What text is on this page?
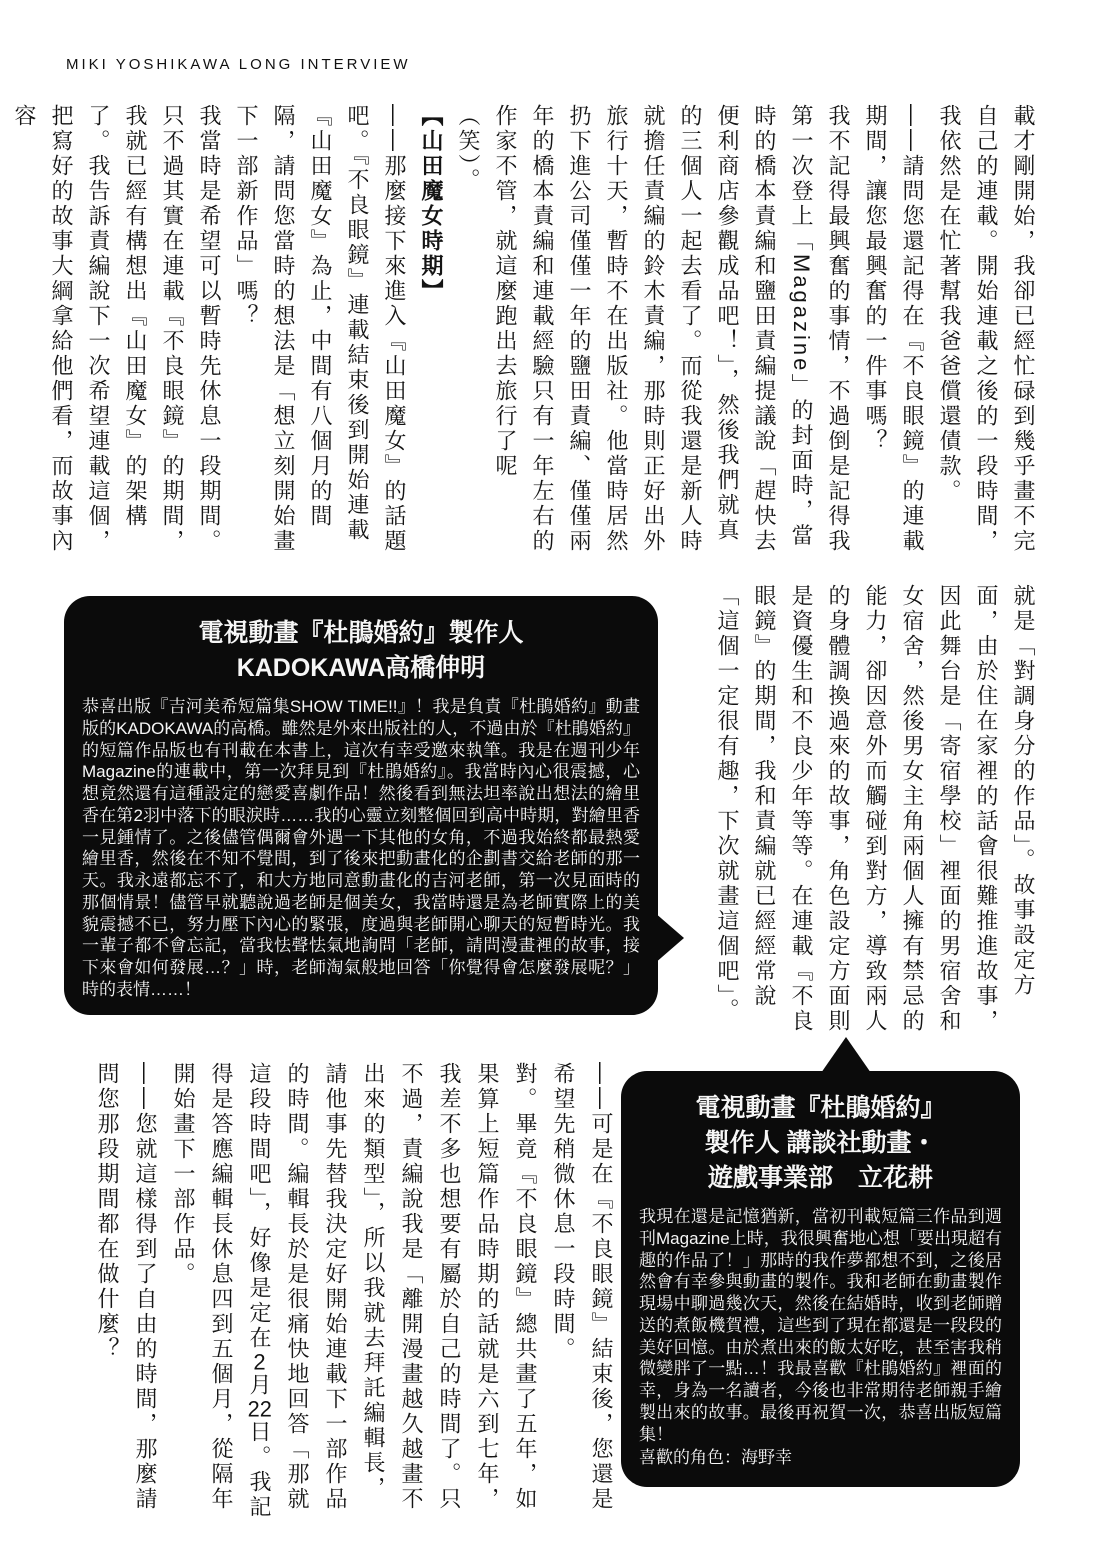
MIKI YOSHIKAWA LONG INTERVIEW

載才剛開始，我卻已經忙碌到幾乎畫不完自己的連載。開始連載之後的一段時間，我依然是在忙著幫我爸爸償還債款。

——請問您還記得在『不良眼鏡』的連載期間，讓您最興奮的一件事嗎？

我不記得最興奮的事情，不過倒是記得我第一次登上「Magazine」的封面時，當時的橋本責編和鹽田責編提議說「趕快去便利商店參觀成品吧！」，然後我們就真的三個人一起去看了。而從我還是新人時就擔任責編的鈴木責編，那時則正好出外旅行十天，暫時不在出版社。他當時居然扔下進公司僅僅一年的鹽田責編、僅僅兩年的橋本責編和連載經驗只有一年左右的作家不管，就這麼跑出去旅行了呢（笑）。

【山田魔女時期】

——那麼接下來進入『山田魔女』的話題吧。『不良眼鏡』連載結束後到開始連載『山田魔女』為止，中間有八個月的間隔，請問您當時的想法是「想立刻開始畫下一部新作品」嗎？

我當時是希望可以暫時先休息一段期間。只不過其實在連載『不良眼鏡』的期間，我就已經有構想出『山田魔女』的架構了。我告訴責編說下一次希望連載這個，把寫好的故事大綱拿給他們看，而故事內容

就是「對調身分的作品」。故事設定方面，由於住在家裡的話會很難推進故事，因此舞台是「寄宿學校」裡面的男宿舍和女宿舍，然後男女主角兩個人擁有禁忌的能力，卻因意外而觸碰到對方，導致兩人的身體調換過來的故事，角色設定方面則是資優生和不良少年等等。在連載『不良眼鏡』的期間，我和責編就已經經常說「這個一定很有趣，下次就畫這個吧」。

電視動畫『杜鵑婚約』製作人
KADOKAWA高橋伸明

恭喜出版『吉河美希短篇集SHOW TIME!!』！我是負責『杜鵑婚約』動畫版的KADOKAWA的高橋。雖然是外來出版社的人，不過由於『杜鵑婚約』的短篇作品版也有刊載在本書上，這次有幸受邀來執筆。我是在週刊少年Magazine的連載中，第一次拜見到『杜鵑婚約』。我當時內心很震撼，心想竟然還有這種設定的戀愛喜劇作品！然後看到無法坦率說出想法的繪里香在第2羽中落下的眼淚時……我的心靈立刻整個回到高中時期，對繪里香一見鍾情了。之後儘管偶爾會外遇一下其他的女角，不過我始終都最熱愛繪里香，然後在不知不覺間，到了後來把動畫化的企劃書交給老師的那一天。我永遠都忘不了，和大方地同意動畫化的吉河老師，第一次見面時的那個情景！儘管早就聽說過老師是個美女，我當時還是為老師實際上的美貌震撼不已，努力壓下內心的緊張，度過與老師開心聊天的短暫時光。我一輩子都不會忘記，當我怯聲怯氣地詢問「老師，請問漫畫裡的故事，接下來會如何發展…？」時，老師淘氣般地回答「你覺得會怎麼發展呢？」時的表情……！

——可是在『不良眼鏡』結束後，您還是希望先稍微休息一段時間。

對。畢竟『不良眼鏡』總共畫了五年，如果算上短篇作品時期的話就是六到七年，我差不多也想要有屬於自己的時間了。只不過，責編說我是「離開漫畫越久越畫不出來的類型」，所以我就去拜託編輯長，請他事先替我決定好開始連載下一部作品的時間。編輯長於是很痛快地回答「那就這段時間吧」，好像是定在2月22日。我記得是答應編輯長休息四到五個月，從隔年開始畫下一部作品。

——您就這樣得到了自由的時間，那麼請問您那段期間都在做什麼？	電視動畫『杜鵑婚約』
製作人 講談社動畫・
遊戲事業部　立花耕

我現在還是記憶猶新，當初刊載短篇三作品到週刊Magazine上時，我很興奮地心想「要出現超有趣的作品了！」那時的我作夢都想不到，之後居然會有幸參與動畫的製作。我和老師在動畫製作現場中聊過幾次天，然後在結婚時，收到老師贈送的煮飯機賀禮，這些到了現在都還是一段段的美好回憶。由於煮出來的飯太好吃，甚至害我稍微變胖了一點…！我最喜歡『杜鵑婚約』裡面的幸，身為一名讀者，今後也非常期待老師親手繪製出來的故事。最後再祝賀一次，恭喜出版短篇集！

喜歡的角色：海野幸
